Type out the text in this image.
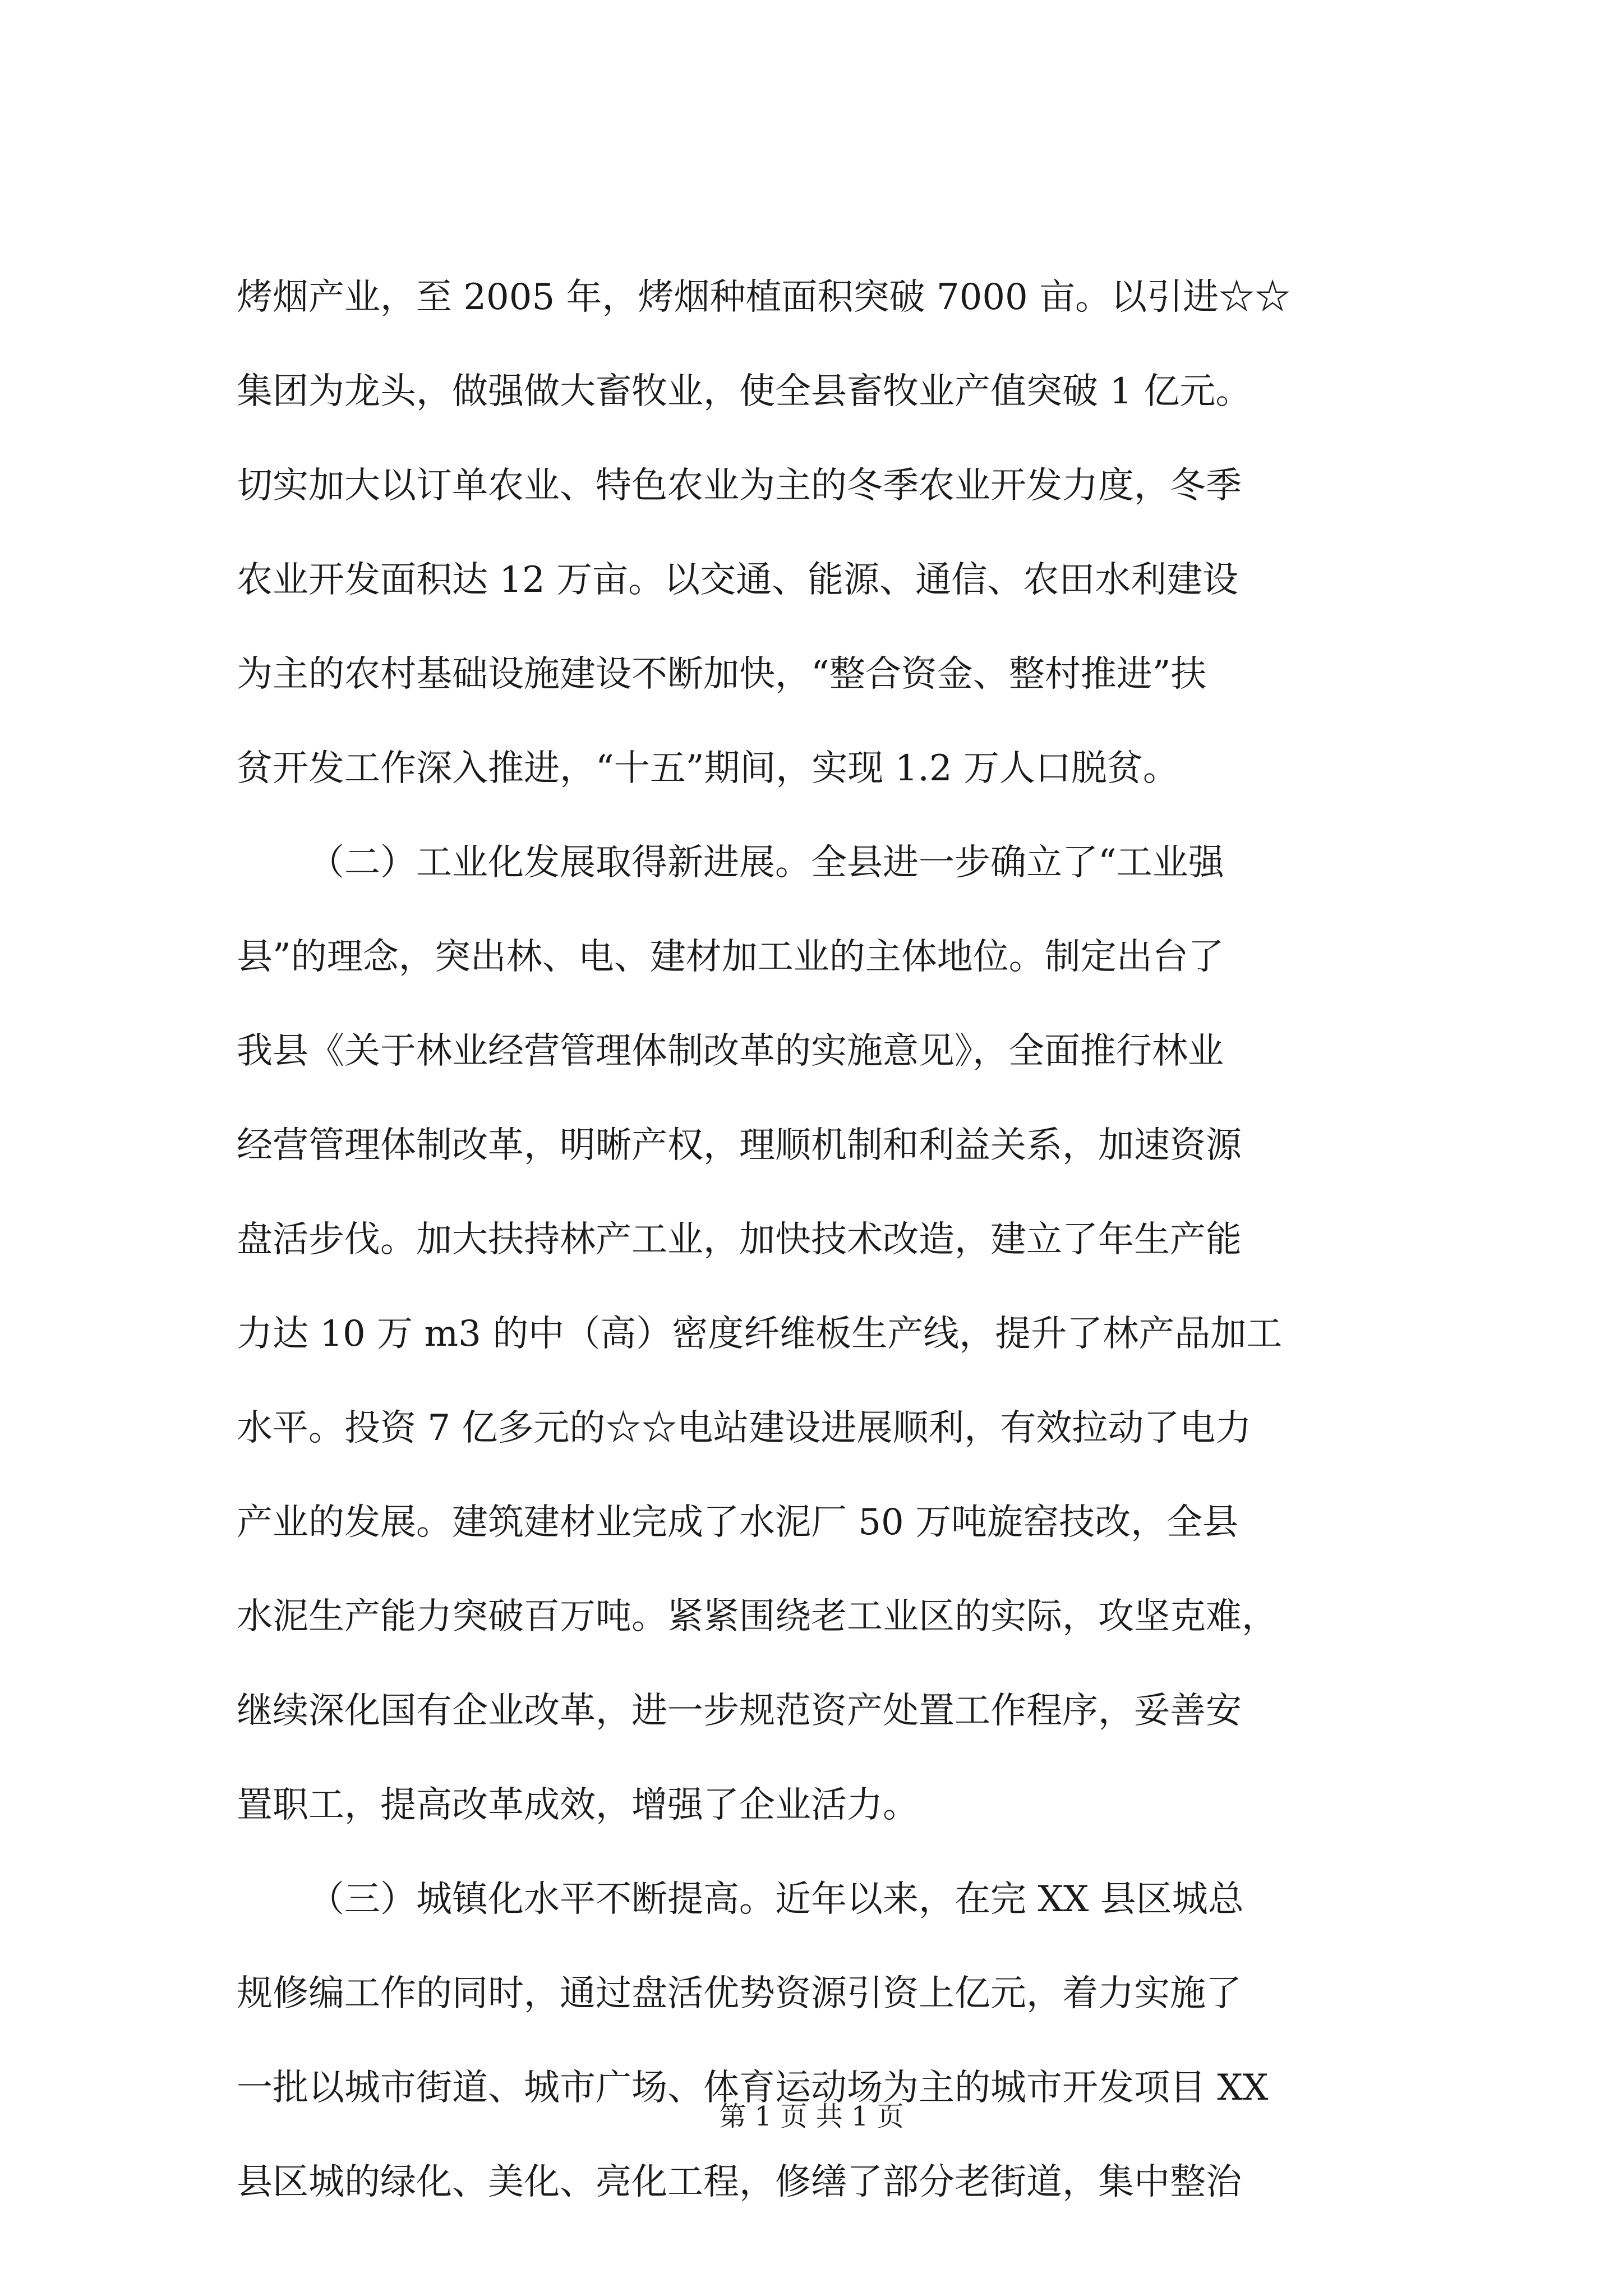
烤烟产业，至 2005 年，烤烟种植面积突破 7000 亩。以引进☆☆
集团为龙头，做强做大畜牧业，使全县畜牧业产值突破 1 亿元。
切实加大以订单农业、特色农业为主的冬季农业开发力度，冬季
农业开发面积达 12 万亩。以交通、能源、通信、农田水利建设
为主的农村基础设施建设不断加快，“整合资金、整村推进”扶
贫开发工作深入推进，“十五”期间，实现 1.2 万人口脱贫。
（二）工业化发展取得新进展。全县进一步确立了“工业强
县”的理念，突出林、电、建材加工业的主体地位。制定出台了
我县《关于林业经营管理体制改革的实施意见》，全面推行林业
经营管理体制改革，明晰产权，理顺机制和利益关系，加速资源
盘活步伐。加大扶持林产工业，加快技术改造，建立了年生产能
力达 10 万 m3 的中（高）密度纤维板生产线，提升了林产品加工
水平。投资 7 亿多元的☆☆电站建设进展顺利，有效拉动了电力
产业的发展。建筑建材业完成了水泥厂 50 万吨旋窑技改，全县
水泥生产能力突破百万吨。紧紧围绕老工业区的实际，攻坚克难，
继续深化国有企业改革，进一步规范资产处置工作程序，妥善安
置职工，提高改革成效，增强了企业活力。
（三）城镇化水平不断提高。近年以来，在完 XX 县区城总
规修编工作的同时，通过盘活优势资源引资上亿元，着力实施了
一批以城市街道、城市广场、体育运动场为主的城市开发项目 XX
县区城的绿化、美化、亮化工程，修缮了部分老街道，集中整治
第 1 页 共 1 页
